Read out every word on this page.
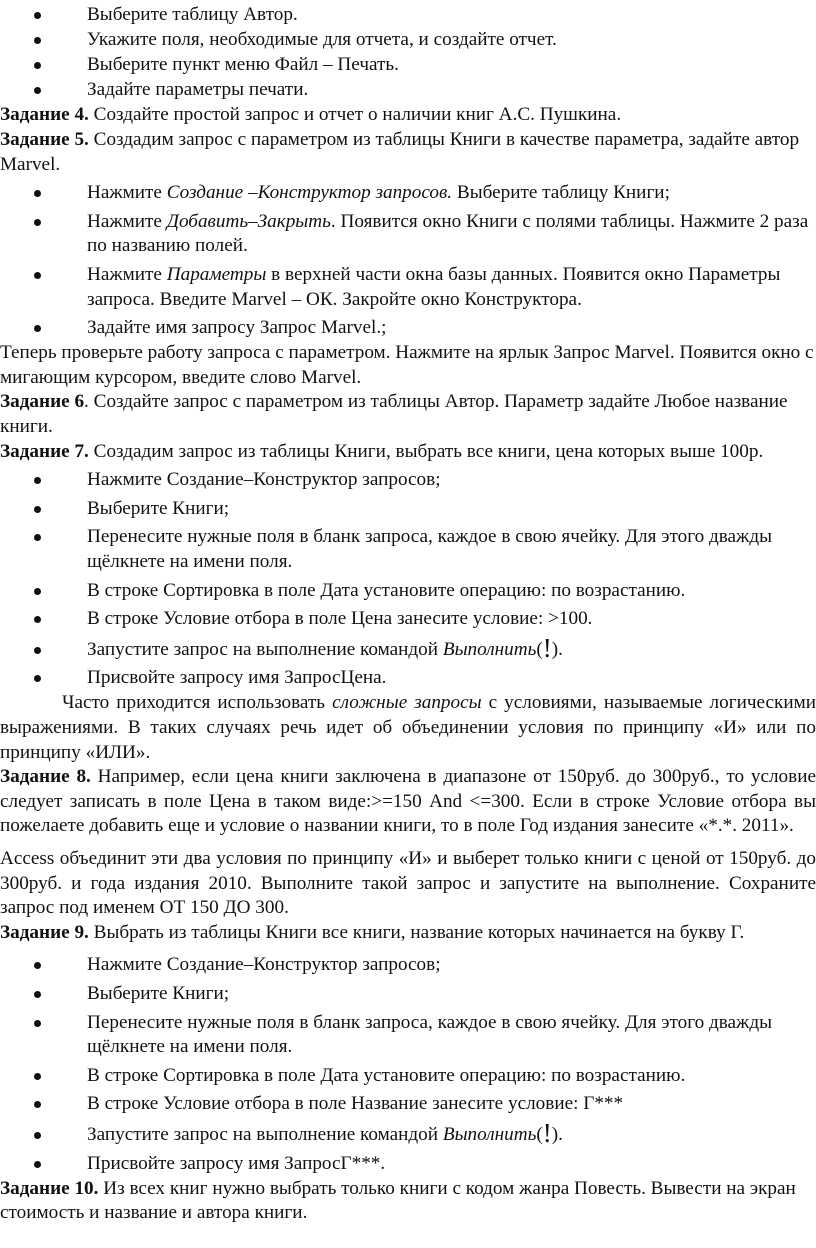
Выберите таблицу Автор.

Укажите поля, необходимые для отчета, и создайте отчет.

Выберите пункт меню Файл – Печать.

Задайте параметры печати.

Задание 4. Создайте простой запрос и отчет о наличии книг А.С. Пушкина.

Задание 5. Создадим запрос с параметром из таблицы Книги в качестве параметра, задайте автор Marvel.

Нажмите Создание –Конструктор запросов. Выберите таблицу Книги;

Нажмите Добавить–Закрыть. Появится окно Книги с полями таблицы. Нажмите 2 раза по названию полей.

Нажмите Параметры в верхней части окна базы данных. Появится окно Параметры запроса. Введите Marvel – ОК. Закройте окно Конструктора.

Задайте имя запросу Запрос Marvel.;

Теперь проверьте работу запроса с параметром. Нажмите на ярлык Запрос Marvel. Появится окно с мигающим курсором, введите слово Marvel.

Задание 6. Создайте запрос с параметром из таблицы Автор. Параметр задайте Любое название книги.

Задание 7. Создадим запрос из таблицы Книги, выбрать все книги, цена которых выше 100р.

Нажмите Создание–Конструктор запросов;

Выберите Книги;

Перенесите нужные поля в бланк запроса, каждое в свою ячейку. Для этого дважды щёлкнете на имени поля.

В строке Сортировка в поле Дата установите операцию: по возрастанию.

В строке Условие отбора в поле Цена занесите условие: >100.

Запустите запрос на выполнение командой Выполнить(!).

Присвойте запросу имя ЗапросЦена.

Часто приходится использовать сложные запросы с условиями, называемые логическими выражениями. В таких случаях речь идет об объединении условия по принципу «И» или по принципу «ИЛИ».

Задание 8. Например, если цена книги заключена в диапазоне от 150руб. до 300руб., то условие следует записать в поле Цена в таком виде:>=150 And <=300. Если в строке Условие отбора вы пожелаете добавить еще и условие о названии книги, то в поле Год издания занесите «*.*. 2011».

Access объединит эти два условия по принципу «И» и выберет только книги с ценой от 150руб. до 300руб. и года издания 2010. Выполните такой запрос и запустите на выполнение. Сохраните запрос под именем ОТ 150 ДО 300.

Задание 9. Выбрать из таблицы Книги все книги, название которых начинается на букву Г.

Нажмите Создание–Конструктор запросов;

Выберите Книги;

Перенесите нужные поля в бланк запроса, каждое в свою ячейку. Для этого дважды щёлкнете на имени поля.

В строке Сортировка в поле Дата установите операцию: по возрастанию.

В строке Условие отбора в поле Название занесите условие: Г***

Запустите запрос на выполнение командой Выполнить(!).

Присвойте запросу имя ЗапросГ***.

Задание 10. Из всех книг нужно выбрать только книги с кодом жанра Повесть. Вывести на экран стоимость и название и автора книги.
